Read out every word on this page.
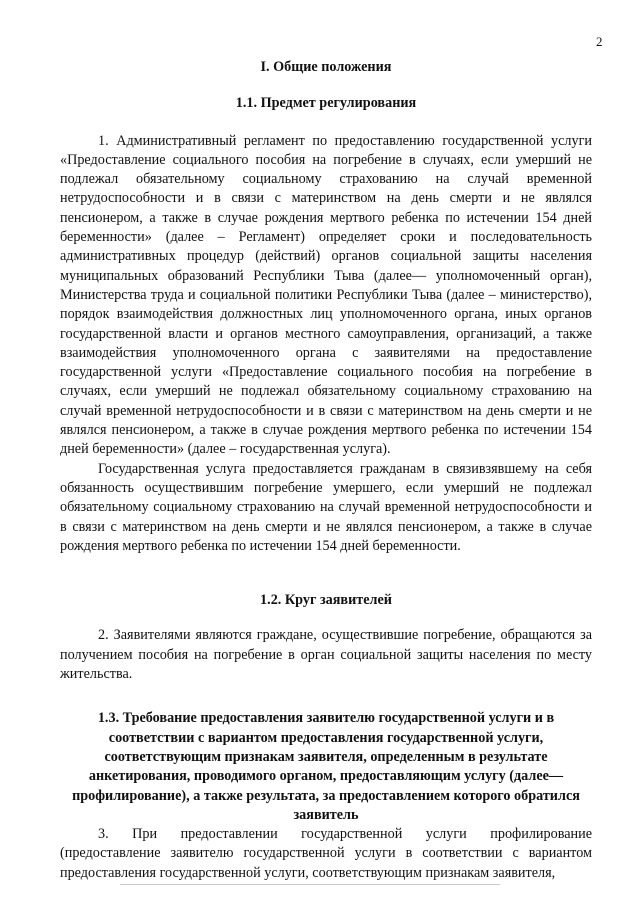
2
I. Общие положения
1.1. Предмет регулирования

1. Административный регламент по предоставлению государственной услуги «Предоставление социального пособия на погребение в случаях, если умерший не подлежал обязательному социальному страхованию на случай временной нетрудоспособности и в связи с материнством на день смерти и не являлся пенсионером, а также в случае рождения мертвого ребенка по истечении 154 дней беременности» (далее – Регламент) определяет сроки и последовательность административных процедур (действий) органов социальной защиты населения муниципальных образований Республики Тыва (далее— уполномоченный орган), Министерства труда и социальной политики Республики Тыва (далее – министерство), порядок взаимодействия должностных лиц уполномоченного органа, иных органов государственной власти и органов местного самоуправления, организаций, а также взаимодействия уполномоченного органа с заявителями на предоставление государственной услуги «Предоставление социального пособия на погребение в случаях, если умерший не подлежал обязательному социальному страхованию на случай временной нетрудоспособности и в связи с материнством на день смерти и не являлся пенсионером, а также в случае рождения мертвого ребенка по истечении 154 дней беременности» (далее – государственная услуга).

Государственная услуга предоставляется гражданам в связивзявшему на себя обязанность осуществившим погребение умершего, если умерший не подлежал обязательному социальному страхованию на случай временной нетрудоспособности и в связи с материнством на день смерти и не являлся пенсионером, а также в случае рождения мертвого ребенка по истечении 154 дней беременности.

1.2. Круг заявителей

2. Заявителями являются граждане, осуществившие погребение, обращаются за получением пособия на погребение в орган социальной защиты населения по месту жительства.

1.3. Требование предоставления заявителю государственной услуги и в соответствии с вариантом предоставления государственной услуги, соответствующим признакам заявителя, определенным в результате анкетирования, проводимого органом, предоставляющим услугу (далее— профилирование), а также результата, за предоставлением которого обратился заявитель

3. При предоставлении государственной услуги профилирование (предоставление заявителю государственной услуги в соответствии с вариантом предоставления государственной услуги, соответствующим признакам заявителя,
